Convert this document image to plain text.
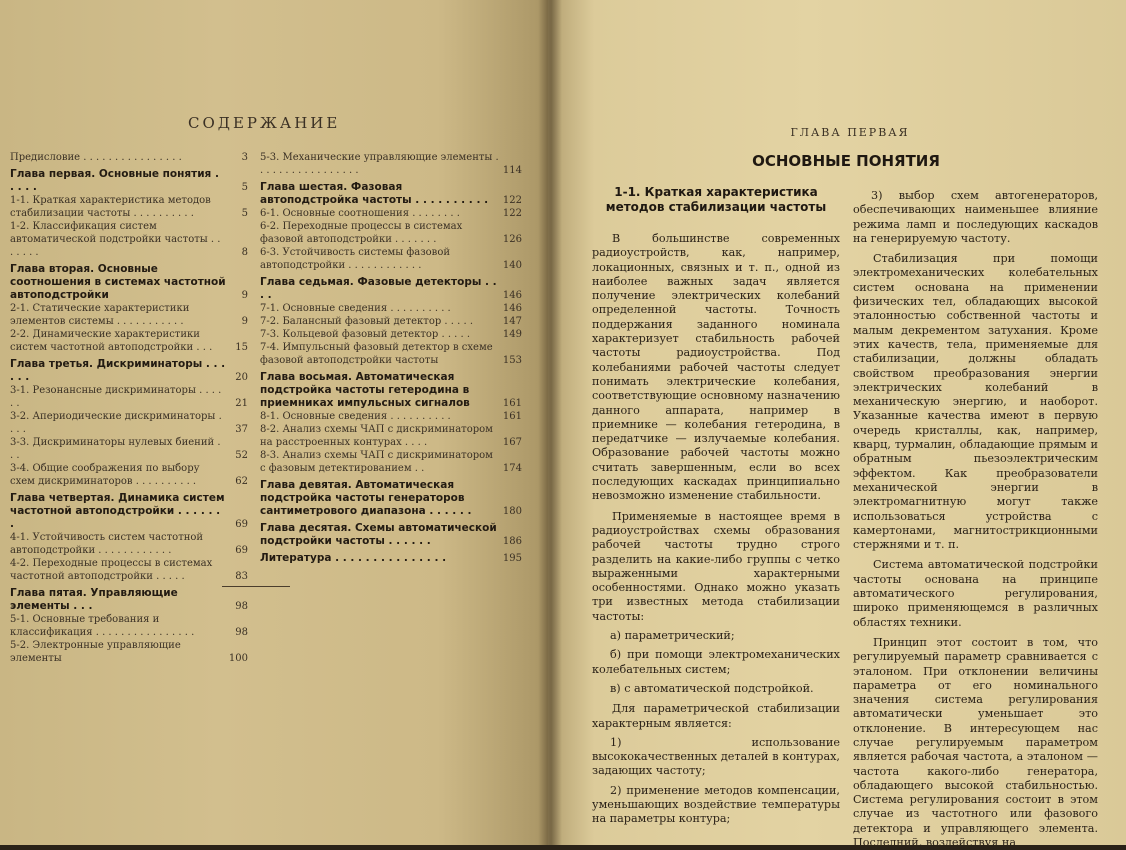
СОДЕРЖАНИЕ
Предисловие . . . . . . . . . . . . . . . .	3
Глава первая. Основные понятия . . . . .	5
1-1. Краткая характеристика методов стабилизации частоты . . . . . . . . . .	5
1-2. Классификация систем автоматической подстройки частоты . . . . . . .	8
Глава вторая. Основные соотношения в системах частотной автоподстройки	9
2-1. Статические характеристики элементов системы . . . . . . . . . . .	9
2-2. Динамические характеристики систем частотной автоподстройки . . .	15
Глава третья. Дискриминаторы . . . . . .	20
3-1. Резонансные дискриминаторы . . . . . .	21
3-2. Апериодические дискриминаторы . . . .	37
3-3. Дискриминаторы нулевых биений . . .	52
3-4. Общие соображения по выбору схем дискриминаторов . . . . . . . . . .	62
Глава четвертая. Динамика систем частотной автоподстройки . . . . . . .	69
4-1. Устойчивость систем частотной автоподстройки . . . . . . . . . . . .	69
4-2. Переходные процессы в системах частотной автоподстройки . . . . .	83
Глава пятая. Управляющие элементы . . .	98
5-1. Основные требования и классификация . . . . . . . . . . . . . . . .	98
5-2. Электронные управляющие элементы	100
5-3. Механические управляющие элементы . . . . . . . . . . . . . . . . .	114
Глава шестая. Фазовая автоподстройка частоты . . . . . . . . . .	122
6-1. Основные соотношения . . . . . . . .	122
6-2. Переходные процессы в системах фазовой автоподстройки . . . . . . .	126
6-3. Устойчивость системы фазовой автоподстройки . . . . . . . . . . . .	140
Глава седьмая. Фазовые детекторы . . . .	146
7-1. Основные сведения . . . . . . . . . .	146
7-2. Балансный фазовый детектор . . . . .	147
7-3. Кольцевой фазовый детектор . . . . .	149
7-4. Импульсный фазовый детектор в схеме фазовой автоподстройки частоты	153
Глава восьмая. Автоматическая подстройка частоты гетеродина в приемниках импульсных сигналов	161
8-1. Основные сведения . . . . . . . . . .	161
8-2. Анализ схемы ЧАП с дискриминатором на расстроенных контурах . . . .	167
8-3. Анализ схемы ЧАП с дискриминатором с фазовым детектированием . .	174
Глава девятая. Автоматическая подстройка частоты генераторов сантиметрового диапазона . . . . . .	180
Глава десятая. Схемы автоматической подстройки частоты . . . . . .	186
Литература . . . . . . . . . . . . . . .	195
ГЛАВА ПЕРВАЯ
ОСНОВНЫЕ ПОНЯТИЯ
1-1. Краткая характеристика методов стабилизации частоты

В большинстве современных радиоустройств, как, например, локационных, связных и т. п., одной из наиболее важных задач является получение электрических колебаний определенной частоты. Точность поддержания заданного номинала характеризует стабильность рабочей частоты радиоустройства. Под колебаниями рабочей частоты следует понимать электрические колебания, соответствующие основному назначению данного аппарата, например в приемнике — колебания гетеродина, в передатчике — излучаемые колебания. Образование рабочей частоты можно считать завершенным, если во всех последующих каскадах принципиально невозможно изменение стабильности.

Применяемые в настоящее время в радиоустройствах схемы образования рабочей частоты трудно строго разделить на какие-либо группы с четко выраженными характерными особенностями. Однако можно указать три известных метода стабилизации частоты:

а) параметрический;

б) при помощи электромеханических колебательных систем;

в) с автоматической подстройкой.

Для параметрической стабилизации характерным является:

1) использование высококачественных деталей в контурах, задающих частоту;

2) применение методов компенсации, уменьшающих воздействие температуры на параметры контура;

3) выбор схем автогенераторов, обеспечивающих наименьшее влияние режима ламп и последующих каскадов на генерируемую частоту.

Стабилизация при помощи электромеханических колебательных систем основана на применении физических тел, обладающих высокой эталонностью собственной частоты и малым декрементом затухания. Кроме этих качеств, тела, применяемые для стабилизации, должны обладать свойством преобразования энергии электрических колебаний в механическую энергию, и наоборот. Указанные качества имеют в первую очередь кристаллы, как, например, кварц, турмалин, обладающие прямым и обратным пьезоэлектрическим эффектом. Как преобразователи механической энергии в электромагнитную могут также использоваться устройства с камертонами, магнитострикционными стержнями и т. п.

Система автоматической подстройки частоты основана на принципе автоматического регулирования, широко применяющемся в различных областях техники.

Принцип этот состоит в том, что регулируемый параметр сравнивается с эталоном. При отклонении величины параметра от его номинального значения система регулирования автоматически уменьшает это отклонение. В интересующем нас случае регулируемым параметром является рабочая частота, а эталоном — частота какого-либо генератора, обладающего высокой стабильностью. Система регулирования состоит в этом случае из частотного или фазового детектора и управляющего элемента. Последний, воздействуя на
